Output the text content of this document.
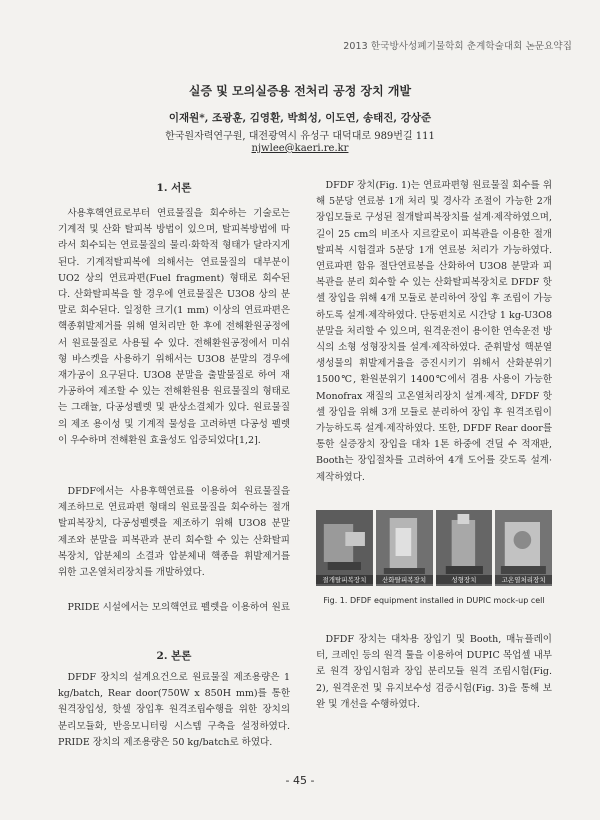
2013 한국방사성폐기물학회 춘계학술대회 논문요약집
실증 및 모의실증용 전처리 공정 장치 개발
이재원*, 조광훈, 김영환, 박희성, 이도연, 송태진, 강상준
한국원자력연구원, 대전광역시 유성구 대덕대로 989번길 111
njwlee@kaeri.re.kr
1. 서론

사용후핵연료로부터 연료물질을 회수하는 기술로는 기계적 및 산화 탈피복 방법이 있으며, 탈피복방법에 따라서 회수되는 연료물질의 물리·화학적 형태가 달라지게 된다. 기계적탈피복에 의해서는 연료물질의 대부분이 UO2 상의 연료파편(Fuel fragment) 형태로 회수된다. 산화탈피복을 할 경우에 연료물질은 U3O8 상의 분말로 회수된다. 일정한 크기(1 mm) 이상의 연료파편은 핵종휘발제거를 위해 열처리만 한 후에 전해환원공정에서 원료물질로 사용될 수 있다. 전해환원공정에서 미쉬형 바스켓을 사용하기 위해서는 U3O8 분말의 경우에 재가공이 요구된다. U3O8 분말을 출발물질로 하여 재가공하여 제조할 수 있는 전해환원용 원료물질의 형태로는 그래뉼, 다공성펠렛 및 판상소결체가 있다. 원료물질의 제조 용이성 및 기계적 물성을 고려하면 다공성 펠렛이 우수하며 전해환원 효율성도 입증되었다[1,2].

DFDF에서는 사용후핵연료를 이용하여 원료물질을 제조하므로 연료파편 형태의 원료물질을 회수하는 절개탈피복장치, 다공성펠렛을 제조하기 위해 U3O8 분말 제조와 분말을 피복관과 분리 회수할 수 있는 산화탈피복장치, 압분체의 소결과 압분체내 핵종을 휘발제거를 위한 고온열처리장치를 개발하였다.

PRIDE 시설에서는 모의핵연료 펠렛을 이용하여 원료

2. 본론

DFDF 장치의 설계요건으로 원료물질 제조용량은 1 kg/batch, Rear door(750W x 850H mm)를 통한 원격장입성, 핫셀 장입후 원격조립수행을 위한 장치의 분리모듈화, 반응모니터링 시스템 구축을 설정하였다. PRIDE 장치의 제조용량은 50 kg/batch로 하였다.

DFDF 장치(Fig. 1)는 연료파편형 원료물질 회수를 위해 5분당 연료봉 1개 처리 및 경사각 조절이 가능한 2개 장입모듈로 구성된 절개탈피복장치를 설계·제작하였으며, 길이 25 cm의 비조사 지르칼로이 피복관을 이용한 절개탈피복 시험결과 5분당 1개 연료봉 처리가 가능하였다. 연료파편 함유 절단연료봉을 산화하여 U3O8 분말과 피복관을 분리 회수할 수 있는 산화탈피복장치로 DFDF 핫셀 장입을 위해 4개 모듈로 분리하여 장입 후 조립이 가능하도록 설계·제작하였다. 단동펀치로 시간당 1 kg-U3O8 분말을 처리할 수 있으며, 원격운전이 용이한 연속운전 방식의 소형 성형장치를 설계·제작하였다. 준휘발성 핵분열생성물의 휘발제거율을 증진시키기 위해서 산화분위기 1500℃, 환원분위기 1400℃에서 겸용 사용이 가능한 Monofrax 재질의 고온열처리장치 설계·제작, DFDF 핫셀 장입을 위해 3개 모듈로 분리하여 장입 후 원격조립이 가능하도록 설계·제작하였다. 또한, DFDF Rear door를 통한 실증장치 장입을 대차 1톤 하중에 견딜 수 적재판, Booth는 장입절차를 고려하여 4개 도어를 갖도록 설계·제작하였다.

DFDF 장치는 대차용 장입기 및 Booth, 매뉴플레이터, 크레인 등의 원격 툴을 이용하여 DUPIC 목업셀 내부로 원격 장입시험과 장입 분리모듈 원격 조립시험(Fig. 2), 원격운전 및 유지보수성 검증시험(Fig. 3)을 통해 보완 및 개선을 수행하였다.

절개탈피복장치	산화탈피복장치	성형장치	고온열처리장치
Fig. 1. DFDF equipment installed in DUPIC mock-up cell
- 45 -
